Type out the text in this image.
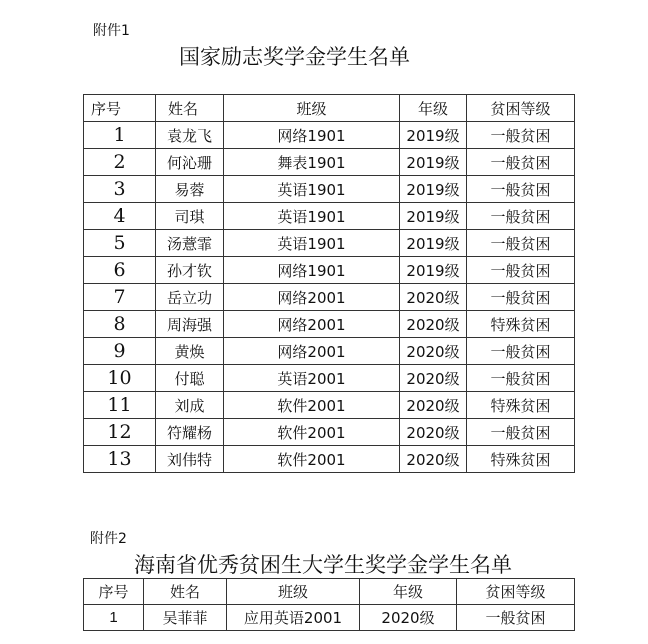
附件1
国家励志奖学金学生名单
序号	姓名	班级	年级	贫困等级
1	袁龙飞	网络1901	2019级	一般贫困
2	何沁珊	舞表1901	2019级	一般贫困
3	易蓉	英语1901	2019级	一般贫困
4	司琪	英语1901	2019级	一般贫困
5	汤薏霏	英语1901	2019级	一般贫困
6	孙才钦	网络1901	2019级	一般贫困
7	岳立功	网络2001	2020级	一般贫困
8	周海强	网络2001	2020级	特殊贫困
9	黄焕	网络2001	2020级	一般贫困
10	付聪	英语2001	2020级	一般贫困
11	刘成	软件2001	2020级	特殊贫困
12	符耀杨	软件2001	2020级	一般贫困
13	刘伟特	软件2001	2020级	特殊贫困
附件2
海南省优秀贫困生大学生奖学金学生名单
序号	姓名	班级	年级	贫困等级
1	吴菲菲	应用英语2001	2020级	一般贫困
